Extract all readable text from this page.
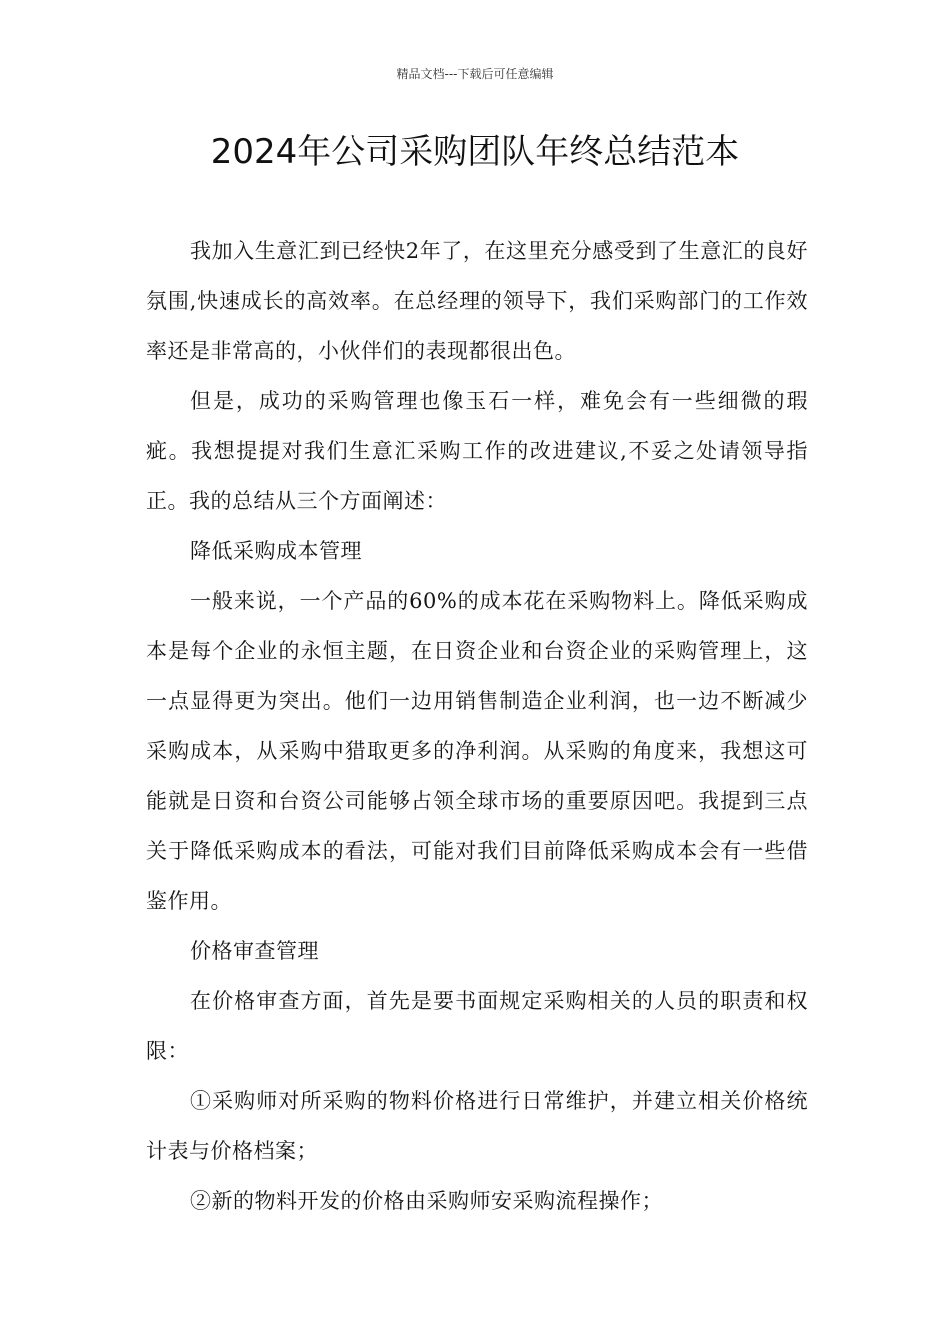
精品文档---下载后可任意编辑
2024年公司采购团队年终总结范本

我加入生意汇到已经快2年了，在这里充分感受到了生意汇的良好氛围,快速成长的高效率。在总经理的领导下，我们采购部门的工作效率还是非常高的，小伙伴们的表现都很出色。

但是，成功的采购管理也像玉石一样，难免会有一些细微的瑕疵。我想提提对我们生意汇采购工作的改进建议,不妥之处请领导指正。我的总结从三个方面阐述：

降低采购成本管理

一般来说，一个产品的60%的成本花在采购物料上。降低采购成本是每个企业的永恒主题，在日资企业和台资企业的采购管理上，这一点显得更为突出。他们一边用销售制造企业利润，也一边不断减少采购成本，从采购中猎取更多的净利润。从采购的角度来，我想这可能就是日资和台资公司能够占领全球市场的重要原因吧。我提到三点关于降低采购成本的看法，可能对我们目前降低采购成本会有一些借鉴作用。

价格审查管理

在价格审查方面，首先是要书面规定采购相关的人员的职责和权限：

①采购师对所采购的物料价格进行日常维护，并建立相关价格统计表与价格档案；

②新的物料开发的价格由采购师安采购流程操作；
